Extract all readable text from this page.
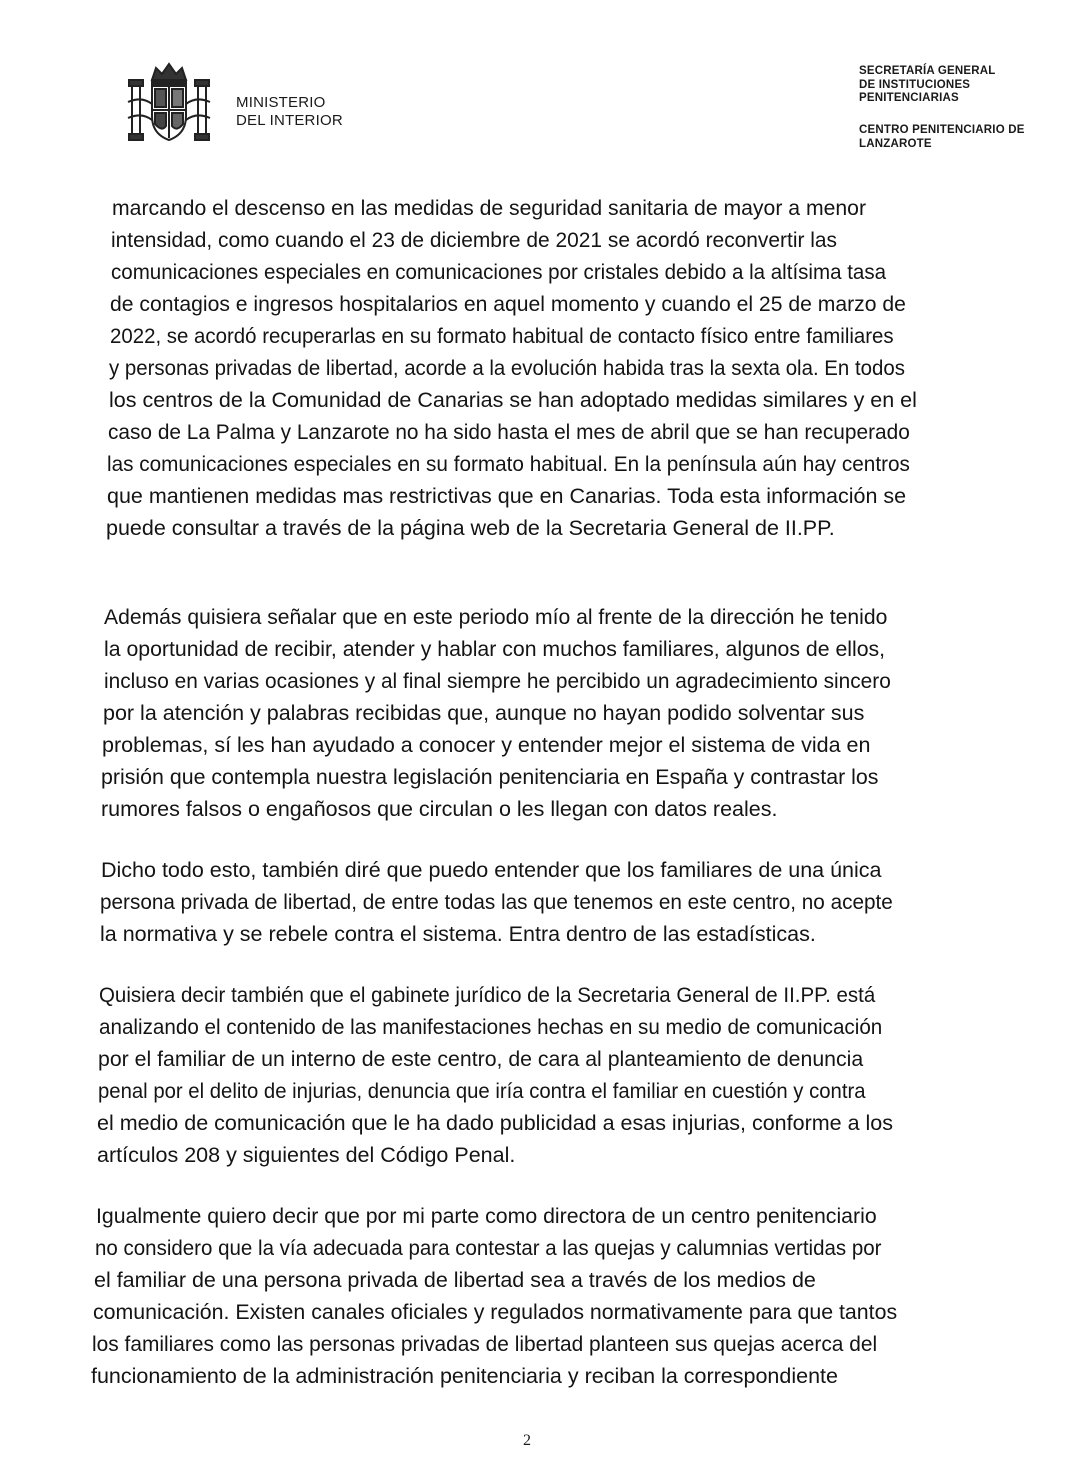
MINISTERIO
DEL INTERIOR
SECRETARÍA GENERAL
DE INSTITUCIONES
PENITENCIARIAS
CENTRO PENITENCIARIO DE
LANZAROTE

marcando el descenso en las medidas de seguridad sanitaria de mayor a menor

intensidad, como cuando el 23 de diciembre de 2021 se acordó reconvertir las

comunicaciones especiales en comunicaciones por cristales debido a la altísima tasa

de contagios e ingresos hospitalarios en aquel momento y cuando el 25 de marzo de

2022, se acordó recuperarlas en su formato habitual de contacto físico entre familiares

y personas privadas de libertad, acorde a la evolución habida tras la sexta ola. En todos

los centros de la Comunidad de Canarias se han adoptado medidas similares y en el

caso de La Palma y Lanzarote no ha sido hasta el mes de abril que se han recuperado

las comunicaciones especiales en su formato habitual. En la península aún hay centros

que mantienen medidas mas restrictivas que en Canarias. Toda esta información se

puede consultar a través de la página web de la Secretaria General de II.PP.

Además quisiera señalar que en este periodo mío al frente de la dirección he tenido

la oportunidad de recibir, atender y hablar con muchos familiares, algunos de ellos,

incluso en varias ocasiones y al final siempre he percibido un agradecimiento sincero

por la atención y palabras recibidas que, aunque no hayan podido solventar sus

problemas, sí les han ayudado a conocer y entender mejor el sistema de vida en

prisión que contempla nuestra legislación penitenciaria en España y contrastar los

rumores falsos o engañosos que circulan o les llegan con datos reales.

Dicho todo esto, también diré que puedo entender que los familiares de una única

persona privada de libertad, de entre todas las que tenemos en este centro, no acepte

la normativa y se rebele contra el sistema. Entra dentro de las estadísticas.

Quisiera decir también que el gabinete jurídico de la Secretaria General de II.PP. está

analizando el contenido de las manifestaciones hechas en su medio de comunicación

por el familiar de un interno de este centro, de cara al planteamiento de denuncia

penal por el delito de injurias, denuncia que iría contra el familiar en cuestión y contra

el medio de comunicación que le ha dado publicidad a esas injurias, conforme a los

artículos 208 y siguientes del Código Penal.

Igualmente quiero decir que por mi parte como directora de un centro penitenciario

no considero que la vía adecuada para contestar a las quejas y calumnias vertidas por

el familiar de una persona privada de libertad sea a través de los medios de

comunicación. Existen canales oficiales y regulados normativamente para que tantos

los familiares como las personas privadas de libertad planteen sus quejas acerca del

funcionamiento de la administración penitenciaria y reciban la correspondiente

2
